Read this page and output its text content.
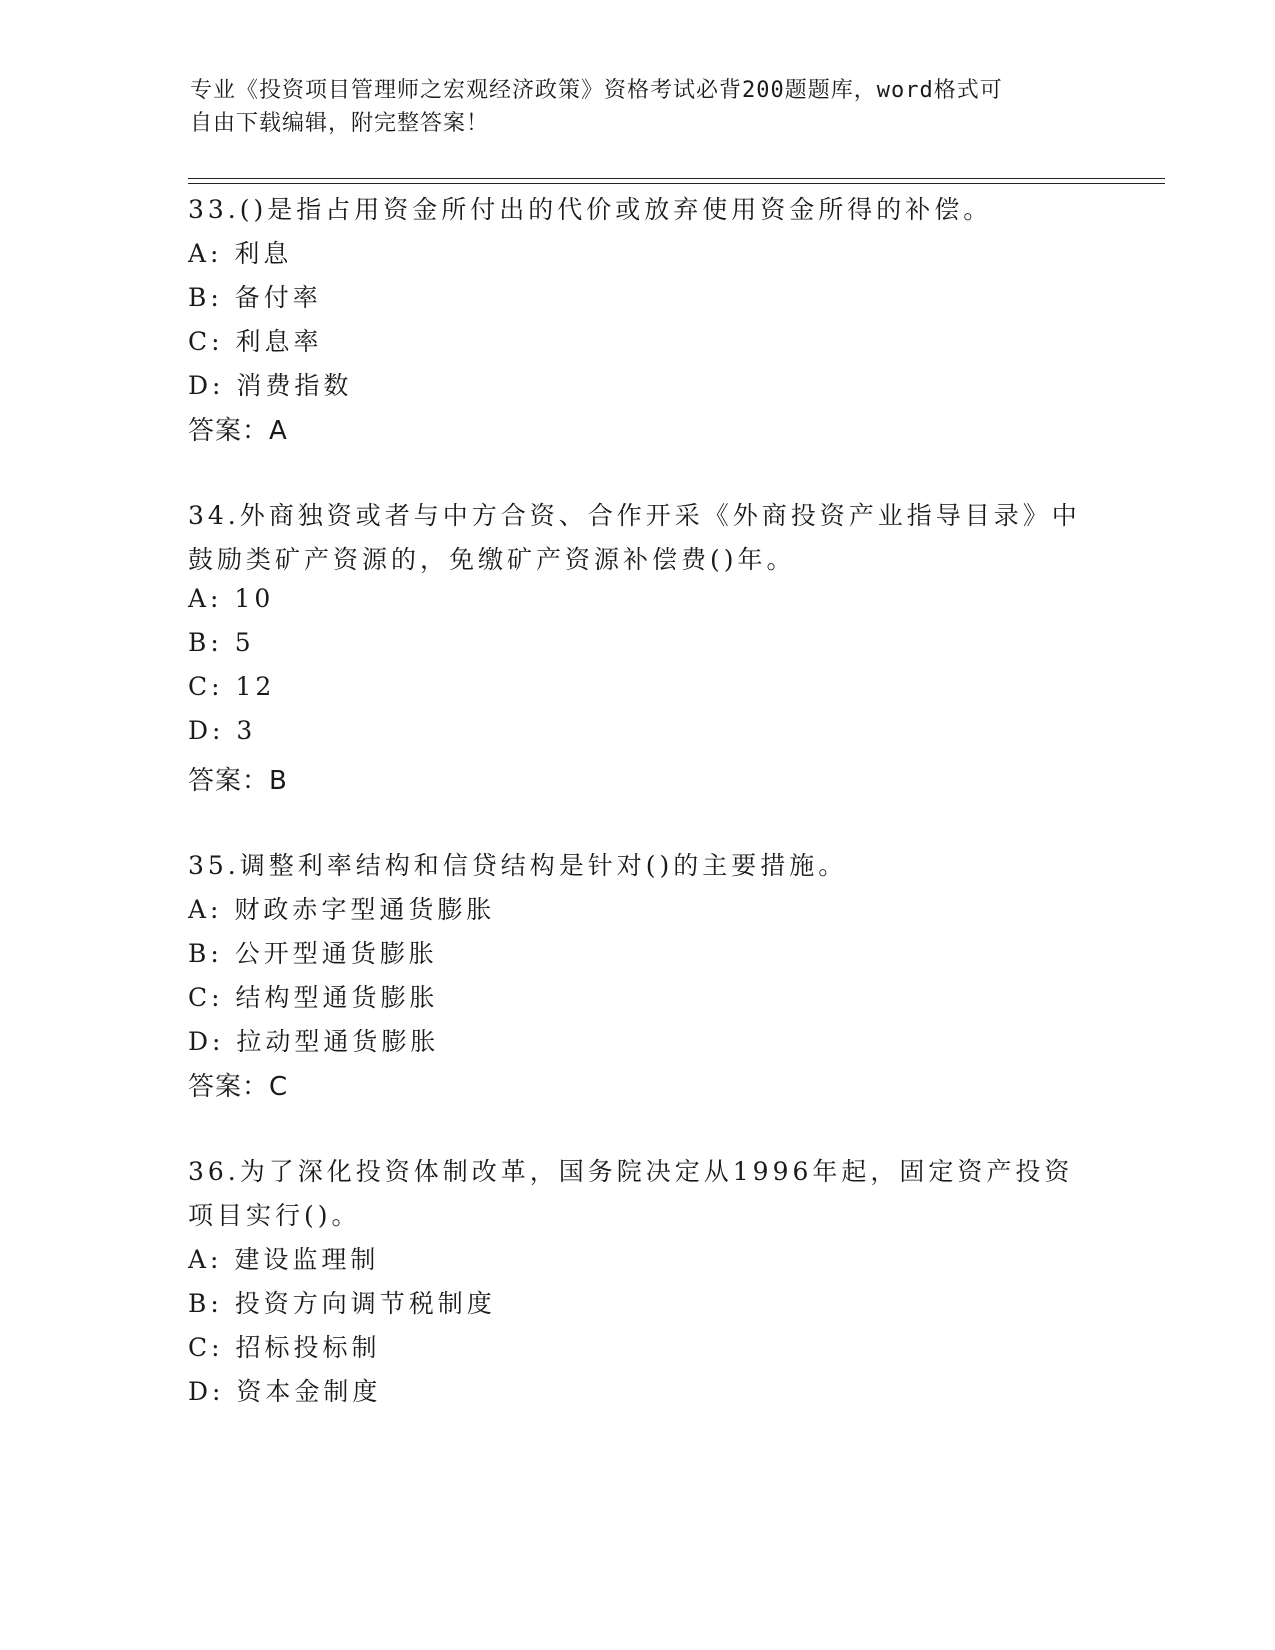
专业《投资项目管理师之宏观经济政策》资格考试必背200题题库，word格式可
自由下载编辑，附完整答案！
33.()是指占用资金所付出的代价或放弃使用资金所得的补偿。
A: 利息
B: 备付率
C: 利息率
D: 消费指数
答案：A
34.外商独资或者与中方合资、合作开采《外商投资产业指导目录》中
鼓励类矿产资源的，免缴矿产资源补偿费()年。
A: 10
B: 5
C: 12
D: 3
答案：B
35.调整利率结构和信贷结构是针对()的主要措施。
A: 财政赤字型通货膨胀
B: 公开型通货膨胀
C: 结构型通货膨胀
D: 拉动型通货膨胀
答案：C
36.为了深化投资体制改革，国务院决定从1996年起，固定资产投资
项目实行()。
A: 建设监理制
B: 投资方向调节税制度
C: 招标投标制
D: 资本金制度
